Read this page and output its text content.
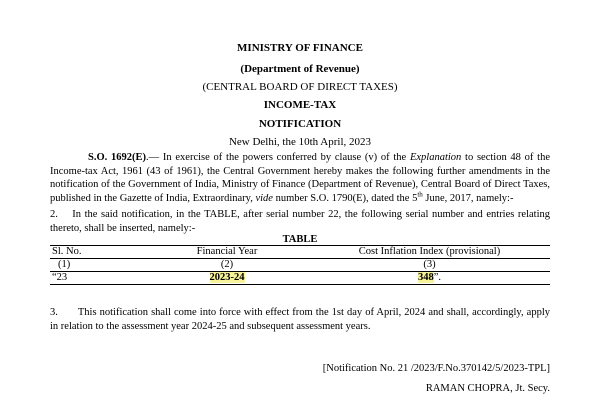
MINISTRY OF FINANCE
(Department of Revenue)
(CENTRAL BOARD OF DIRECT TAXES)
INCOME-TAX
NOTIFICATION
New Delhi, the 10th April, 2023
S.O. 1692(E).— In exercise of the powers conferred by clause (v) of the Explanation to section 48 of the Income-tax Act, 1961 (43 of 1961), the Central Government hereby makes the following further amendments in the notification of the Government of India, Ministry of Finance (Department of Revenue), Central Board of Direct Taxes, published in the Gazette of India, Extraordinary, vide number S.O. 1790(E), dated the 5th June, 2017, namely:-
2. In the said notification, in the TABLE, after serial number 22, the following serial number and entries relating thereto, shall be inserted, namely:-
TABLE
Sl. No.	Financial Year	Cost Inflation Index (provisional)
(1)	(2)	(3)
“23	2023-24	348”.
3. This notification shall come into force with effect from the 1st day of April, 2024 and shall, accordingly, apply in relation to the assessment year 2024-25 and subsequent assessment years.
[Notification No. 21 /2023/F.No.370142/5/2023-TPL]
RAMAN CHOPRA, Jt. Secy.
